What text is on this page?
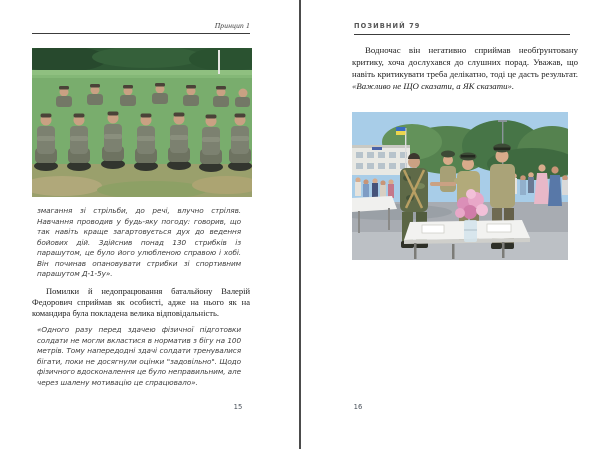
Принцип 1
змагання зі стрільби, до речі, влучно стріляв. Навчання проводив у будь-яку погоду: говорив, що так навіть краще загартовується дух до ведення бойових дій. Здійснив понад 130 стрибків із парашутом, це було його улюбленою справою і хобі. Він починав опановувати стрибки зі спортивним парашутом Д-1-5у».
Помилки й недопрацювання батальйону Валерій Федорович сприймав як особисті, адже на нього як на командира була покладена велика відповідальність.
«Одного разу перед здачею фізичної підготовки солдати не могли вкластися в норматив з бігу на 100 метрів. Тому напередодні здачі солдати тренувалися бігати, поки не досягнули оцінки "задовільно". Щодо фізичного вдосконалення це було неправильним, але через шалену мотивацію це спрацювало».
15
ПОЗИВНИЙ 79
Водночас він негативно сприймав необґрунтовану критику, хоча дослухався до слушних порад. Уважав, що навіть критикувати треба делікатно, тоді це дасть результат. «Важливо не ЩО сказати, а ЯК сказати».
16
